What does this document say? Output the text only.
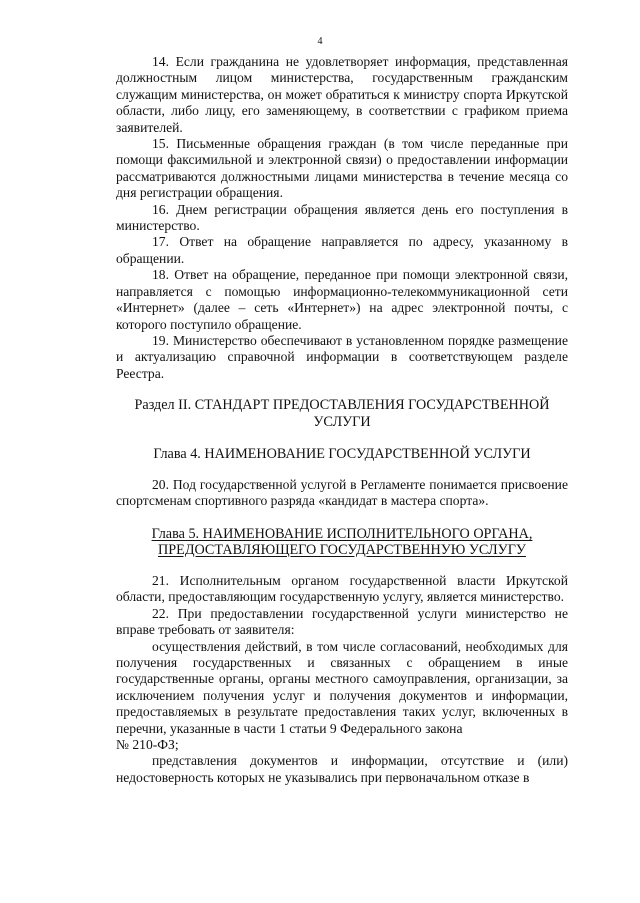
4

14. Если гражданина не удовлетворяет информация, представленная должностным лицом министерства, государственным гражданским служащим министерства, он может обратиться к министру спорта Иркутской области, либо лицу, его заменяющему, в соответствии с графиком приема заявителей.

15. Письменные обращения граждан (в том числе переданные при помощи факсимильной и электронной связи) о предоставлении информации рассматриваются должностными лицами министерства в течение месяца со дня регистрации обращения.

16. Днем регистрации обращения является день его поступления в министерство.

17. Ответ на обращение направляется по адресу, указанному в обращении.

18. Ответ на обращение, переданное при помощи электронной связи, направляется с помощью информационно-телекоммуникационной сети «Интернет» (далее – сеть «Интернет») на адрес электронной почты, с которого поступило обращение.

19. Министерство обеспечивают в установленном порядке размещение и актуализацию справочной информации в соответствующем разделе Реестра.

Раздел II. СТАНДАРТ ПРЕДОСТАВЛЕНИЯ ГОСУДАРСТВЕННОЙ
УСЛУГИ

Глава 4. НАИМЕНОВАНИЕ ГОСУДАРСТВЕННОЙ УСЛУГИ

20. Под государственной услугой в Регламенте понимается присвоение спортсменам спортивного разряда «кандидат в мастера спорта».

Глава 5. НАИМЕНОВАНИЕ ИСПОЛНИТЕЛЬНОГО ОРГАНА,
ПРЕДОСТАВЛЯЮЩЕГО ГОСУДАРСТВЕННУЮ УСЛУГУ

21. Исполнительным органом государственной власти Иркутской области, предоставляющим государственную услугу, является министерство.

22. При предоставлении государственной услуги министерство не вправе требовать от заявителя:

осуществления действий, в том числе согласований, необходимых для получения государственных и связанных с обращением в иные государственные органы, органы местного самоуправления, организации, за исключением получения услуг и получения документов и информации, предоставляемых в результате предоставления таких услуг, включенных в перечни, указанные в части 1 статьи 9 Федерального закона

№ 210-ФЗ;

представления документов и информации, отсутствие и (или) недостоверность которых не указывались при первоначальном отказе в
